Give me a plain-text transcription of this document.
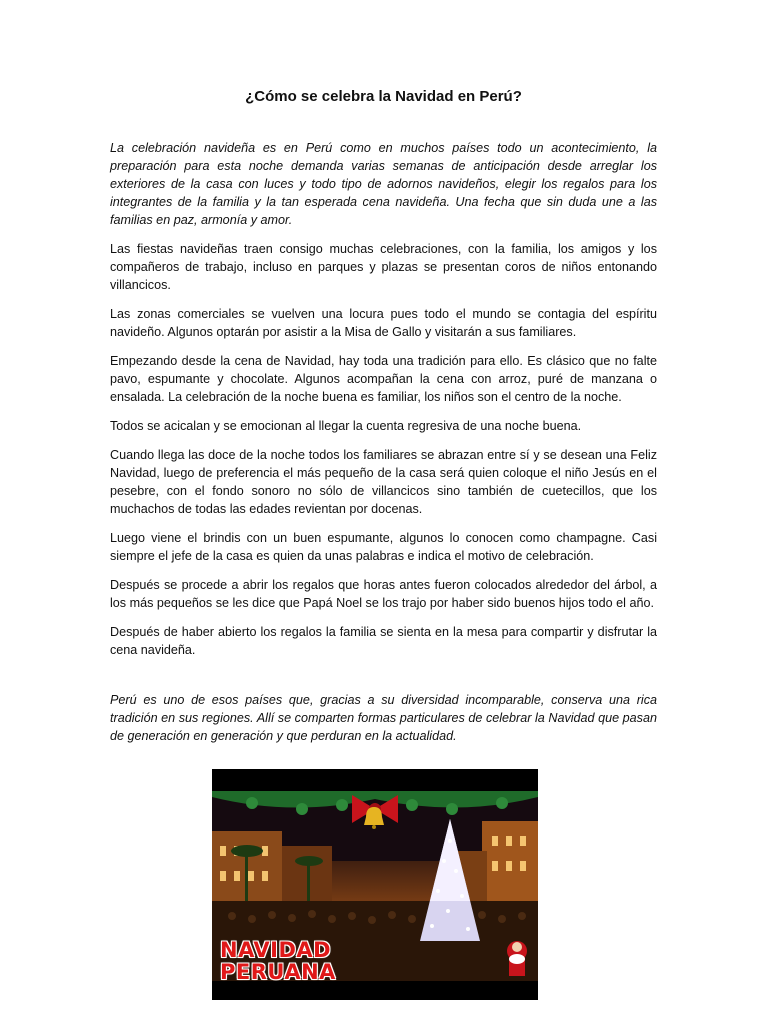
¿Cómo se celebra la Navidad en Perú?

La celebración navideña es en Perú como en muchos países todo un acontecimiento, la preparación para esta noche demanda varias semanas de anticipación desde arreglar los exteriores de la casa con luces y todo tipo de adornos navideños, elegir los regalos para los integrantes de la familia y la tan esperada cena navideña. Una fecha que sin duda une a las familias en paz, armonía y amor.

Las fiestas navideñas traen consigo muchas celebraciones, con la familia, los amigos y los compañeros de trabajo, incluso en parques y plazas se presentan coros de niños entonando villancicos.

Las zonas comerciales se vuelven una locura pues todo el mundo se contagia del espíritu navideño. Algunos optarán por asistir a la Misa de Gallo y visitarán a sus familiares.

Empezando desde la cena de Navidad, hay toda una tradición para ello. Es clásico que no falte pavo, espumante y chocolate. Algunos acompañan la cena con arroz, puré de manzana o ensalada. La celebración de la noche buena es familiar, los niños son el centro de la noche.

Todos se acicalan y se emocionan al llegar la cuenta regresiva de una noche buena.

Cuando llega las doce de la noche todos los familiares se abrazan entre sí y se desean una Feliz Navidad, luego de preferencia el más pequeño de la casa será quien coloque el niño Jesús en el pesebre, con el fondo sonoro no sólo de villancicos sino también de cuetecillos, que los muchachos de todas las edades revientan por docenas.

Luego viene el brindis con un buen espumante, algunos lo conocen como champagne. Casi siempre el jefe de la casa es quien da unas palabras e indica el motivo de celebración.

Después se procede a abrir los regalos que horas antes fueron colocados alrededor del árbol, a los más pequeños se les dice que Papá Noel se los trajo por haber sido buenos hijos todo el año.

Después de haber abierto los regalos la familia se sienta en la mesa para compartir y disfrutar la cena navideña.

Perú es uno de esos países que, gracias a su diversidad incomparable, conserva una rica tradición en sus regiones. Allí se comparten formas particulares de celebrar la Navidad que pasan de generación en generación y que perduran en la actualidad.

NAVIDAD
PERUANA
